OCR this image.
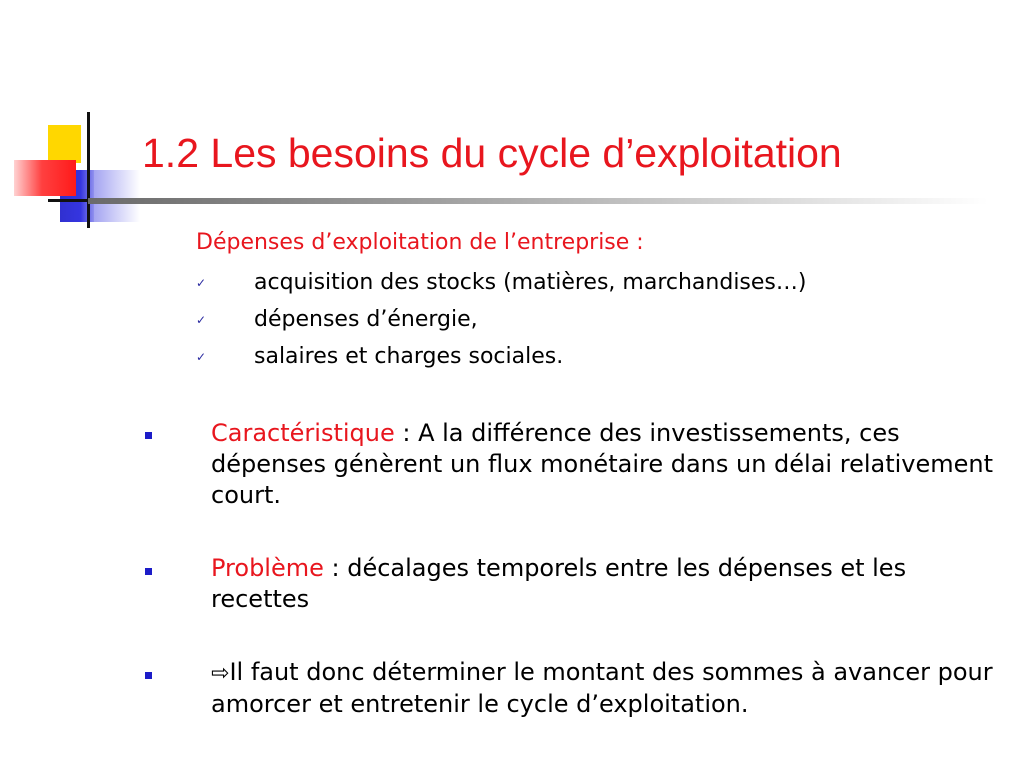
1.2 Les besoins du cycle d’exploitation
Dépenses d’exploitation de l’entreprise :
✓ acquisition des stocks (matières, marchandises…)
✓ dépenses d’énergie,
✓ salaires et charges sociales.
Caractéristique : A la différence des investissements, ces dépenses génèrent un flux monétaire dans un délai relativement court.
Problème : décalages temporels entre les dépenses et les recettes
⇨Il faut donc déterminer le montant des sommes à avancer pour amorcer et entretenir le cycle d’exploitation.
